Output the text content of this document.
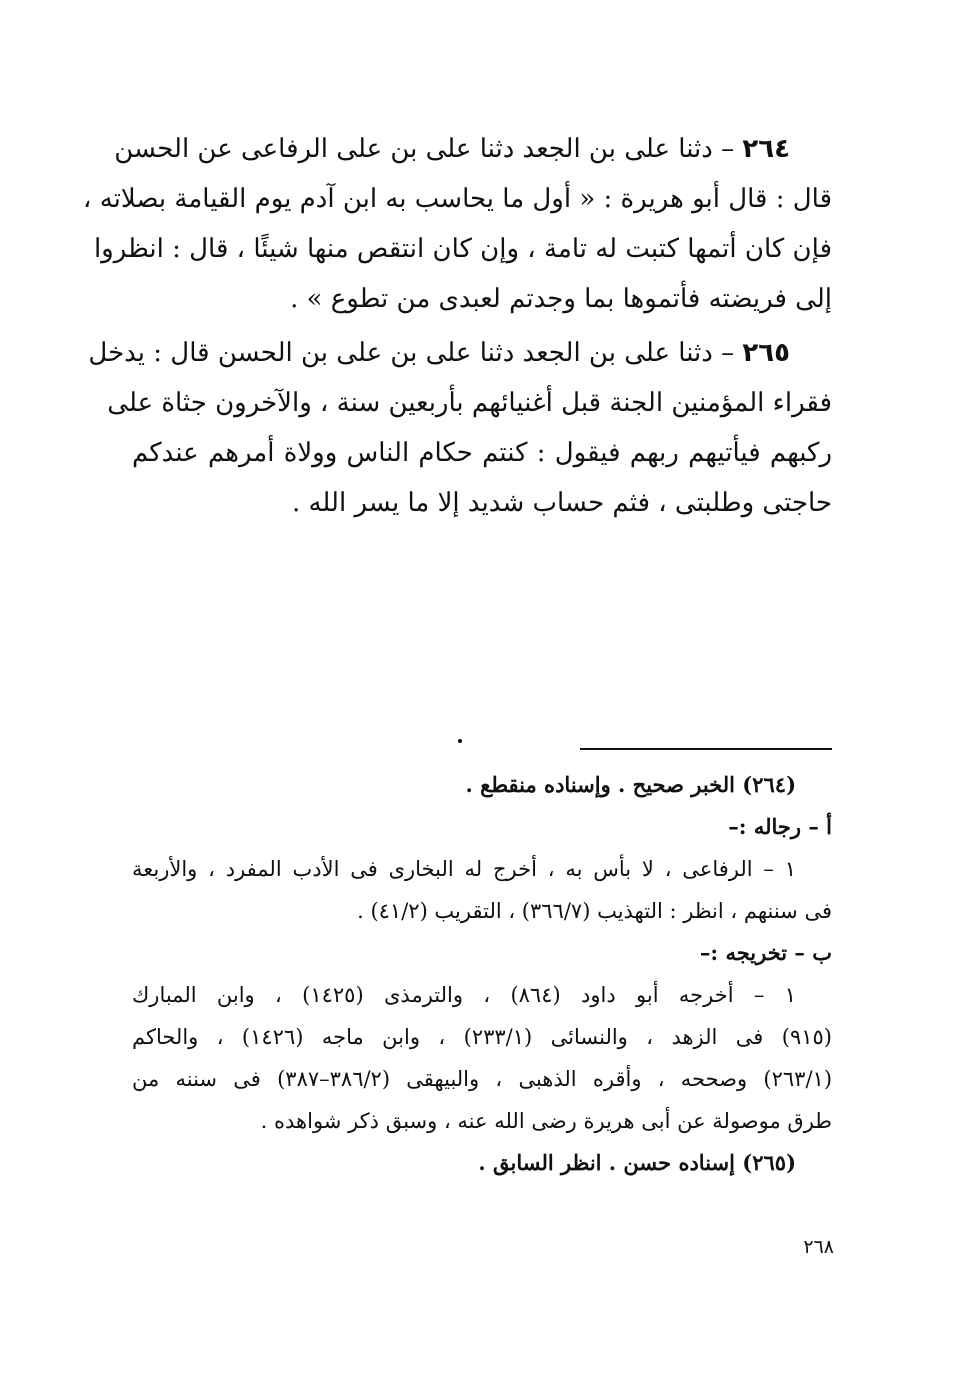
٢٦٤ – دثنا على بن الجعد دثنا على بن على الرفاعى عن الحسن
قال : قال أبو هريرة : « أول ما يحاسب به ابن آدم يوم القيامة بصلاته ،
فإن كان أتمها كتبت له تامة ، وإن كان انتقص منها شيئًا ، قال : انظروا
إلى فريضته فأتموها بما وجدتم لعبدى من تطوع » .
٢٦٥ – دثنا على بن الجعد دثنا على بن على بن الحسن قال : يدخل
فقراء المؤمنين الجنة قبل أغنيائهم بأربعين سنة ، والآخرون جثاة على
ركبهم فيأتيهم ربهم فيقول : كنتم حكام الناس وولاة أمرهم عندكم
حاجتى وطلبتى ، فثم حساب شديد إلا ما يسر الله .
(٢٦٤) الخبر صحيح . وإسناده منقطع .
أ – رجاله :–
١ – الرفاعى ، لا بأس به ، أخرج له البخارى فى الأدب المفرد ، والأربعة
فى سننهم ، انظر : التهذيب (٣٦٦/٧) ، التقريب (٤١/٢) .
ب – تخريجه :–
١ – أخرجه أبو داود (٨٦٤) ، والترمذى (١٤٢٥) ، وابن المبارك
(٩١٥) فى الزهد ، والنسائى (٢٣٣/١) ، وابن ماجه (١٤٢٦) ، والحاكم
(٢٦٣/١) وصححه ، وأقره الذهبى ، والبيهقى (٣٨٦/٢–٣٨٧) فى سننه من
طرق موصولة عن أبى هريرة رضى الله عنه ، وسبق ذكر شواهده .
(٢٦٥) إسناده حسن . انظر السابق .
٢٦٨
